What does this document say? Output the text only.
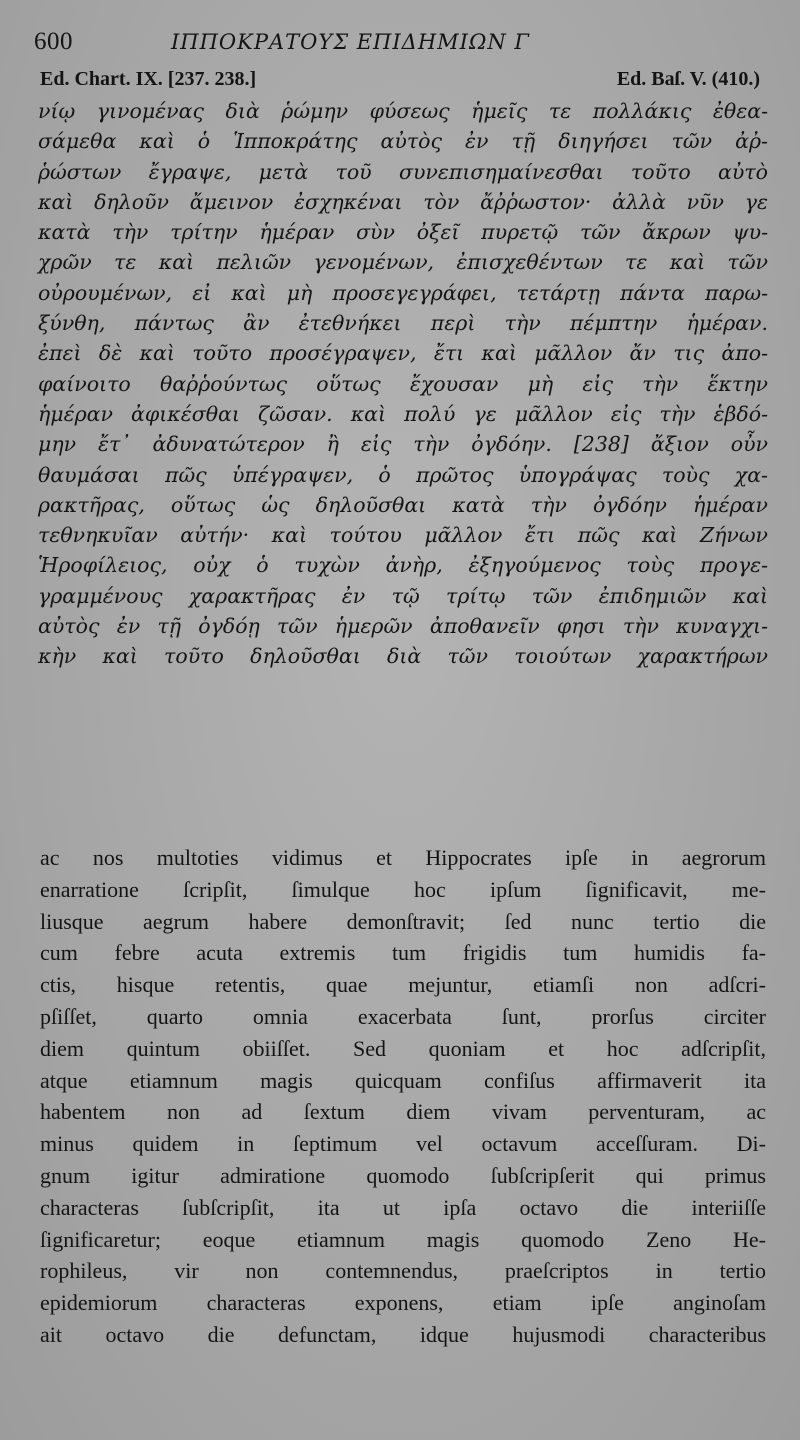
600	ΙΠΠΟΚΡΑΤΟΥΣ ΕΠΙΔΗΜΙΩΝ Γ
Ed. Chart. IX. [237. 238.]	Ed. Baſ. V. (410.)
νίῳ γινομένας διὰ ῥώμην φύσεως ἡμεῖς τε πολλάκις ἐθεα-
σάμεθα καὶ ὁ Ἱπποκράτης αὐτὸς ἐν τῇ διηγήσει τῶν ἀῤ-
ῥώστων ἔγραψε, μετὰ τοῦ συνεπισημαίνεσθαι τοῦτο αὐτὸ
καὶ δηλοῦν ἄμεινον ἐσχηκέναι τὸν ἄῤῥωστον· ἀλλὰ νῦν γε
κατὰ τὴν τρίτην ἡμέραν σὺν ὀξεῖ πυρετῷ τῶν ἄκρων ψυ-
χρῶν τε καὶ πελιῶν γενομένων, ἐπισχεθέντων τε καὶ τῶν
οὐρουμένων, εἰ καὶ μὴ προσεγεγράφει, τετάρτῃ πάντα παρω-
ξύνθη, πάντως ἂν ἐτεθνήκει περὶ τὴν πέμπτην ἡμέραν.
ἐπεὶ δὲ καὶ τοῦτο προσέγραψεν, ἔτι καὶ μᾶλλον ἄν τις ἀπο-
φαίνοιτο θαῤῥούντως οὕτως ἔχουσαν μὴ εἰς τὴν ἕκτην
ἡμέραν ἀφικέσθαι ζῶσαν. καὶ πολύ γε μᾶλλον εἰς τὴν ἑβδό-
μην ἔτ᾽ ἀδυνατώτερον ἢ εἰς τὴν ὀγδόην. [238] ἄξιον οὖν
θαυμάσαι πῶς ὑπέγραψεν, ὁ πρῶτος ὑπογράψας τοὺς χα-
ρακτῆρας, οὕτως ὡς δηλοῦσθαι κατὰ τὴν ὀγδόην ἡμέραν
τεθνηκυῖαν αὐτήν· καὶ τούτου μᾶλλον ἔτι πῶς καὶ Ζήνων
Ἡροφίλειος, οὐχ ὁ τυχὼν ἀνὴρ, ἐξηγούμενος τοὺς προγε-
γραμμένους χαρακτῆρας ἐν τῷ τρίτῳ τῶν ἐπιδημιῶν καὶ
αὐτὸς ἐν τῇ ὀγδόῃ τῶν ἡμερῶν ἀποθανεῖν φησι τὴν κυναγχι-
κὴν καὶ τοῦτο δηλοῦσθαι διὰ τῶν τοιούτων χαρακτήρων
ac nos multoties vidimus et Hippocrates ipſe in aegrorum
enarratione ſcripſit, ſimulque hoc ipſum ſignificavit, me-
liusque aegrum habere demonſtravit; ſed nunc tertio die
cum febre acuta extremis tum frigidis tum humidis fa-
ctis, hisque retentis, quae mejuntur, etiamſi non adſcri-
pſiſſet, quarto omnia exacerbata ſunt, prorſus circiter
diem quintum obiiſſet. Sed quoniam et hoc adſcripſit,
atque etiamnum magis quicquam confiſus affirmaverit ita
habentem non ad ſextum diem vivam perventuram, ac
minus quidem in ſeptimum vel octavum acceſſuram. Di-
gnum igitur admiratione quomodo ſubſcripſerit qui primus
characteras ſubſcripſit, ita ut ipſa octavo die interiiſſe
ſignificaretur; eoque etiamnum magis quomodo Zeno He-
rophileus, vir non contemnendus, praeſcriptos in tertio
epidemiorum characteras exponens, etiam ipſe anginoſam
ait octavo die defunctam, idque hujusmodi characteribus
